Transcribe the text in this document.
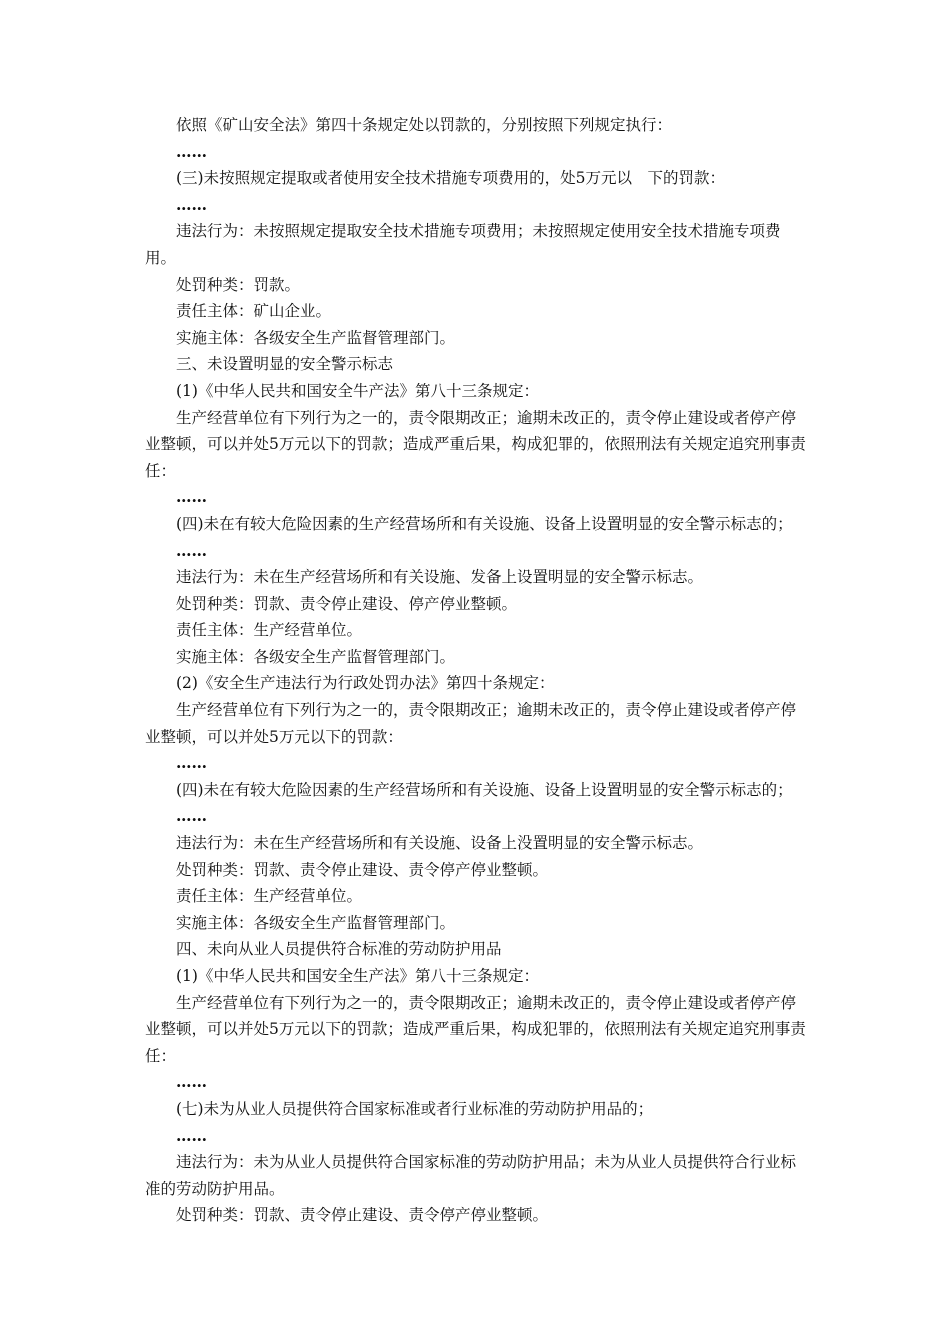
依照《矿山安全法》第四十条规定处以罚款的，分别按照下列规定执行：

……

(三)未按照规定提取或者使用安全技术措施专项费用的，处5万元以　下的罚款：

……

违法行为：未按照规定提取安全技术措施专项费用；未按照规定使用安全技术措施专项费用。

处罚种类：罚款。

责任主体：矿山企业。

实施主体：各级安全生产监督管理部门。

三、未设置明显的安全警示标志

(1)《中华人民共和国安全牛产法》第八十三条规定：

生产经营单位有下列行为之一的，责令限期改正；逾期未改正的，责令停止建设或者停产停业整顿，可以并处5万元以下的罚款；造成严重后果，构成犯罪的，依照刑法有关规定追究刑事责任：

……

(四)未在有较大危险因素的生产经营场所和有关设施、设备上设置明显的安全警示标志的；

……

违法行为：未在生产经营场所和有关设施、发备上设置明显的安全警示标志。

处罚种类：罚款、责令停止建设、停产停业整顿。

责任主体：生产经营单位。

实施主体：各级安全生产监督管理部门。

(2)《安全生产违法行为行政处罚办法》第四十条规定：

生产经营单位有下列行为之一的，责令限期改正；逾期未改正的，责令停止建设或者停产停业整顿，可以并处5万元以下的罚款：

……

(四)未在有较大危险因素的生产经营场所和有关设施、设备上设置明显的安全警示标志的；

……

违法行为：未在生产经营场所和有关设施、设备上没置明显的安全警示标志。

处罚种类：罚款、责令停止建设、责令停产停业整顿。

责任主体：生产经营单位。

实施主体：各级安全生产监督管理部门。

四、未向从业人员提供符合标准的劳动防护用品

(1)《中华人民共和国安全生产法》第八十三条规定：

生产经营单位有下列行为之一的，责令限期改正；逾期未改正的，责令停止建设或者停产停业整顿，可以并处5万元以下的罚款；造成严重后果，构成犯罪的，依照刑法有关规定追究刑事责任：

……

(七)未为从业人员提供符合国家标准或者行业标准的劳动防护用品的；

……

违法行为：未为从业人员提供符合国家标准的劳动防护用品；未为从业人员提供符合行业标准的劳动防护用品。

处罚种类：罚款、责令停止建设、责令停产停业整顿。
